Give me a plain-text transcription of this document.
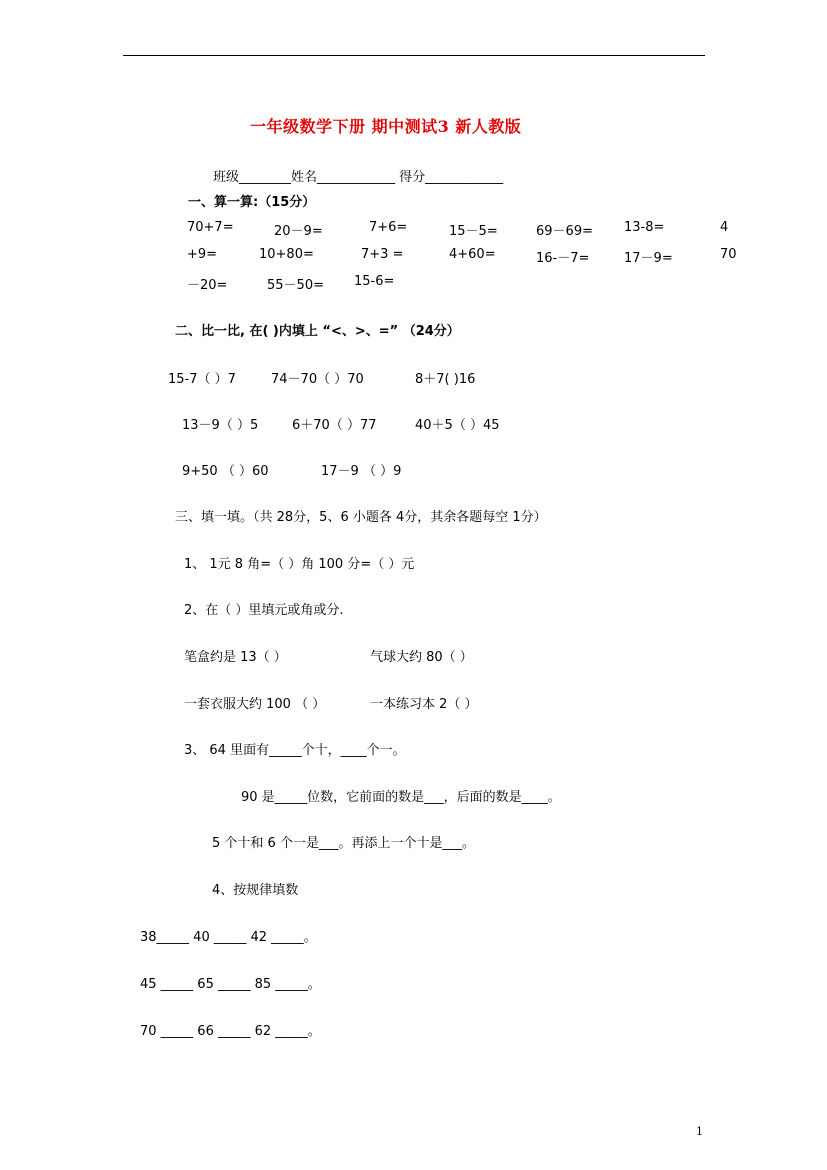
一年级数学下册 期中测试3 新人教版
班级________姓名____________ 得分____________
一、算一算:（15分）
70+7=	20－9=	7+6=	15－5=	69－69= 13-8=	4
+9=	10+80=	7+3 =	4+60=	16-－7=	17－9=	70
－20=	55－50= 15-6=
二、比一比, 在( )内填上 “<、>、=” （24分）
15-7（ ）7	74－70（ ）70	8＋7( )16
13－9（ ）5	6＋70（ ）77	40＋5（ ）45
9+50 （ ）60	17－9 （ ）9
三、填一填。（共 28分，5、6 小题各 4分，其余各题每空 1分）
1、 1元 8 角=（ ）角 100 分=（ ）元
2、在（ ）里填元或角或分.
笔盒约是 13（ ）	气球大约 80（ ）
一套衣服大约 100 （ ）	一本练习本 2（ ）
3、 64 里面有_____个十，____个一。
90 是_____位数，它前面的数是___，后面的数是____。
5 个十和 6 个一是___。再添上一个十是___。
4、按规律填数
38_____ 40 _____ 42 _____。
45 _____ 65 _____ 85 _____。
70 _____ 66 _____ 62 _____。
1
